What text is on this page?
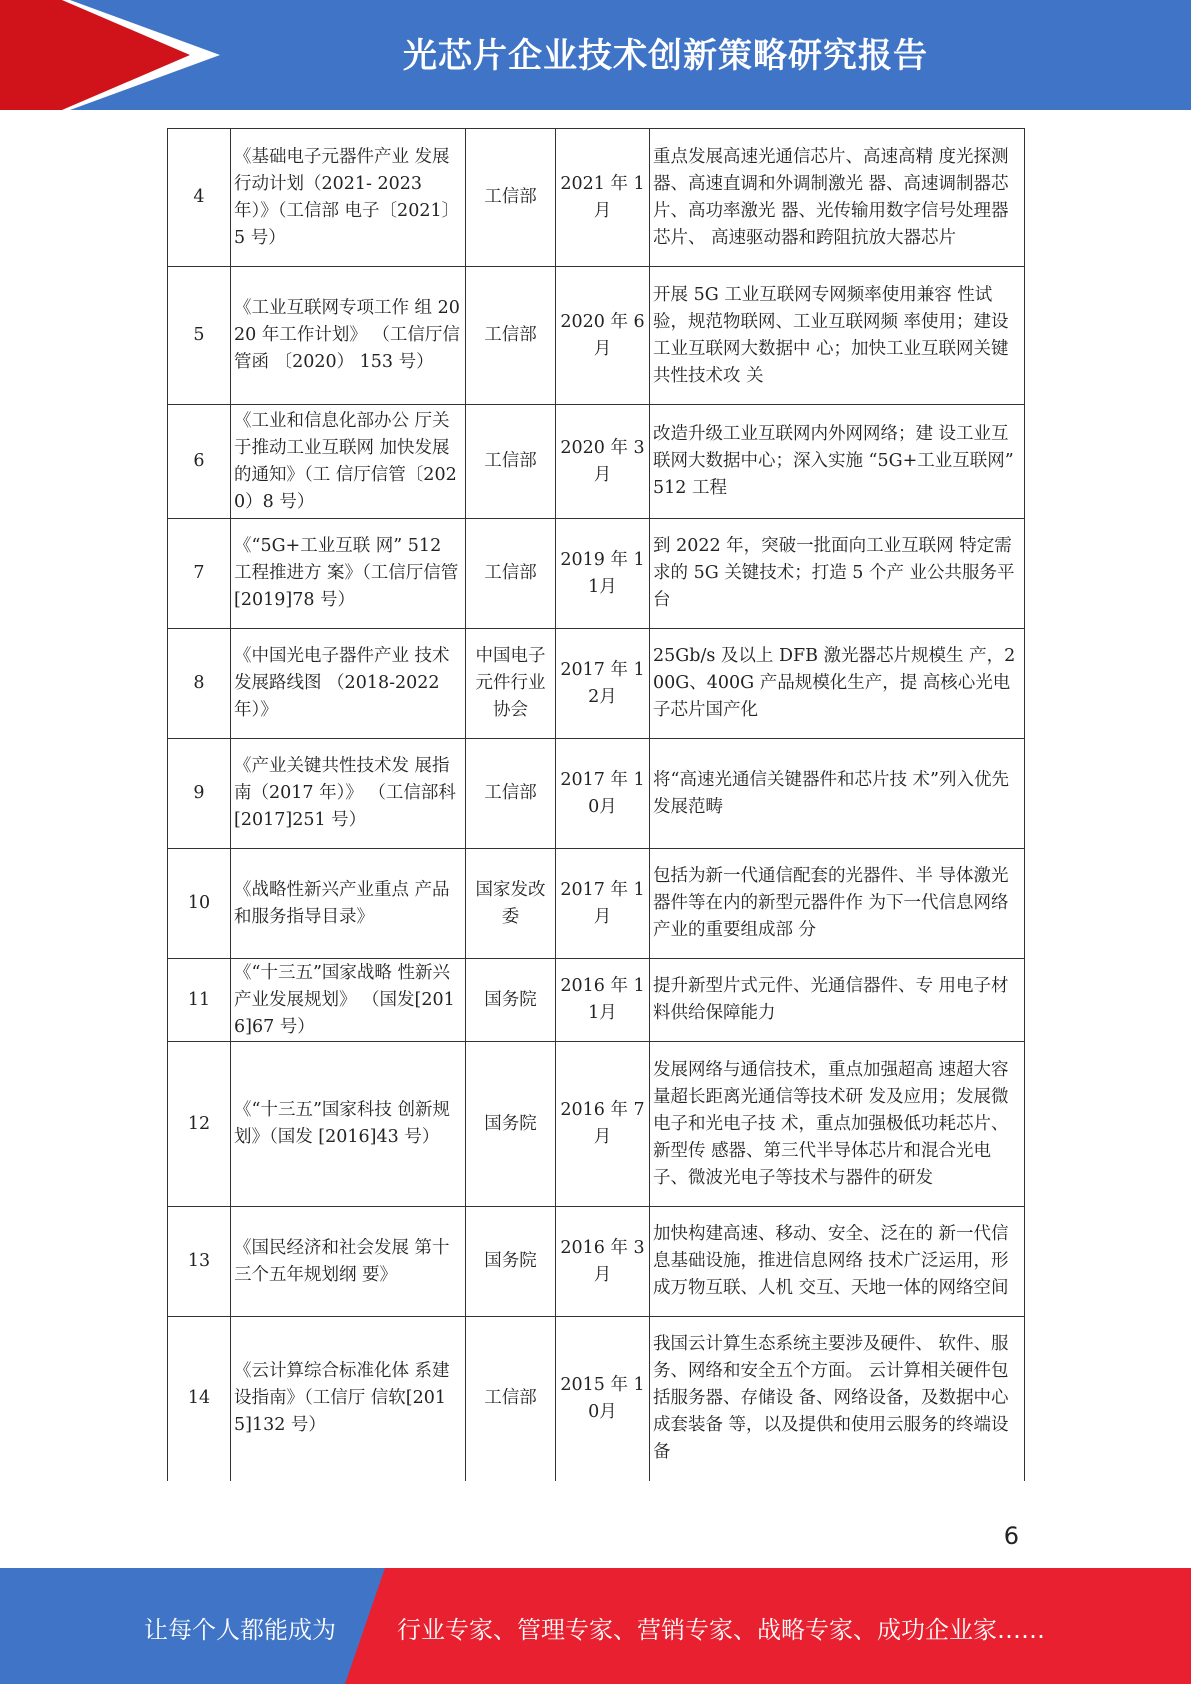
光芯片企业技术创新策略研究报告
4	《基础电子元器件产业 发展行动计划（2021- 2023 年）》（工信部 电子〔2021〕 5 号）	工信部	2021 年 1月	重点发展高速光通信芯片、高速高精 度光探测器、高速直调和外调制激光 器、高速调制器芯片、高功率激光 器、光传输用数字信号处理器芯片、 高速驱动器和跨阻抗放大器芯片
5	《工业互联网专项工作 组 2020 年工作计划》 （工信厅信管函 〔2020） 153 号）	工信部	2020 年 6月	开展 5G 工业互联网专网频率使用兼容 性试验，规范物联网、工业互联网频 率使用；建设工业互联网大数据中 心；加快工业互联网关键共性技术攻 关
6	《工业和信息化部办公 厅关于推动工业互联网 加快发展的通知》（工 信厅信管〔2020）8 号）	工信部	2020 年 3月	改造升级工业互联网内外网网络；建 设工业互联网大数据中心；深入实施 “5G+工业互联网” 512 工程
7	《“5G+工业互联 网” 512 工程推进方 案》（工信厅信管 [2019]78 号）	工信部	2019 年 11月	到 2022 年，突破一批面向工业互联网 特定需求的 5G 关键技术；打造 5 个产 业公共服务平台
8	《中国光电子器件产业 技术发展路线图 （2018-2022 年）》	中国电子元件行业协会	2017 年 12月	25Gb/s 及以上 DFB 激光器芯片规模生 产，200G、400G 产品规模化生产，提 高核心光电子芯片国产化
9	《产业关键共性技术发 展指南（2017 年）》 （工信部科[2017]251 号）	工信部	2017 年 10月	将“高速光通信关键器件和芯片技 术”列入优先发展范畴
10	《战略性新兴产业重点 产品和服务指导目录》	国家发改委	2017 年 1月	包括为新一代通信配套的光器件、半 导体激光器件等在内的新型元器件作 为下一代信息网络产业的重要组成部 分
11	《“十三五”国家战略 性新兴产业发展规划》 （国发[2016]67 号）	国务院	2016 年 11月	提升新型片式元件、光通信器件、专 用电子材料供给保障能力
12	《“十三五”国家科技 创新规划》（国发 [2016]43 号）	国务院	2016 年 7月	发展网络与通信技术，重点加强超高 速超大容量超长距离光通信等技术研 发及应用；发展微电子和光电子技 术，重点加强极低功耗芯片、新型传 感器、第三代半导体芯片和混合光电 子、微波光电子等技术与器件的研发
13	《国民经济和社会发展 第十三个五年规划纲 要》	国务院	2016 年 3月	加快构建高速、移动、安全、泛在的 新一代信息基础设施，推进信息网络 技术广泛运用，形成万物互联、人机 交互、天地一体的网络空间
14	《云计算综合标准化体 系建设指南》（工信厅 信软[2015]132 号）	工信部	2015 年 10月	我国云计算生态系统主要涉及硬件、 软件、服务、网络和安全五个方面。 云计算相关硬件包括服务器、存储设 备、网络设备，及数据中心成套装备 等，以及提供和使用云服务的终端设 备
6
让每个人都能成为	行业专家、管理专家、营销专家、战略专家、成功企业家……
